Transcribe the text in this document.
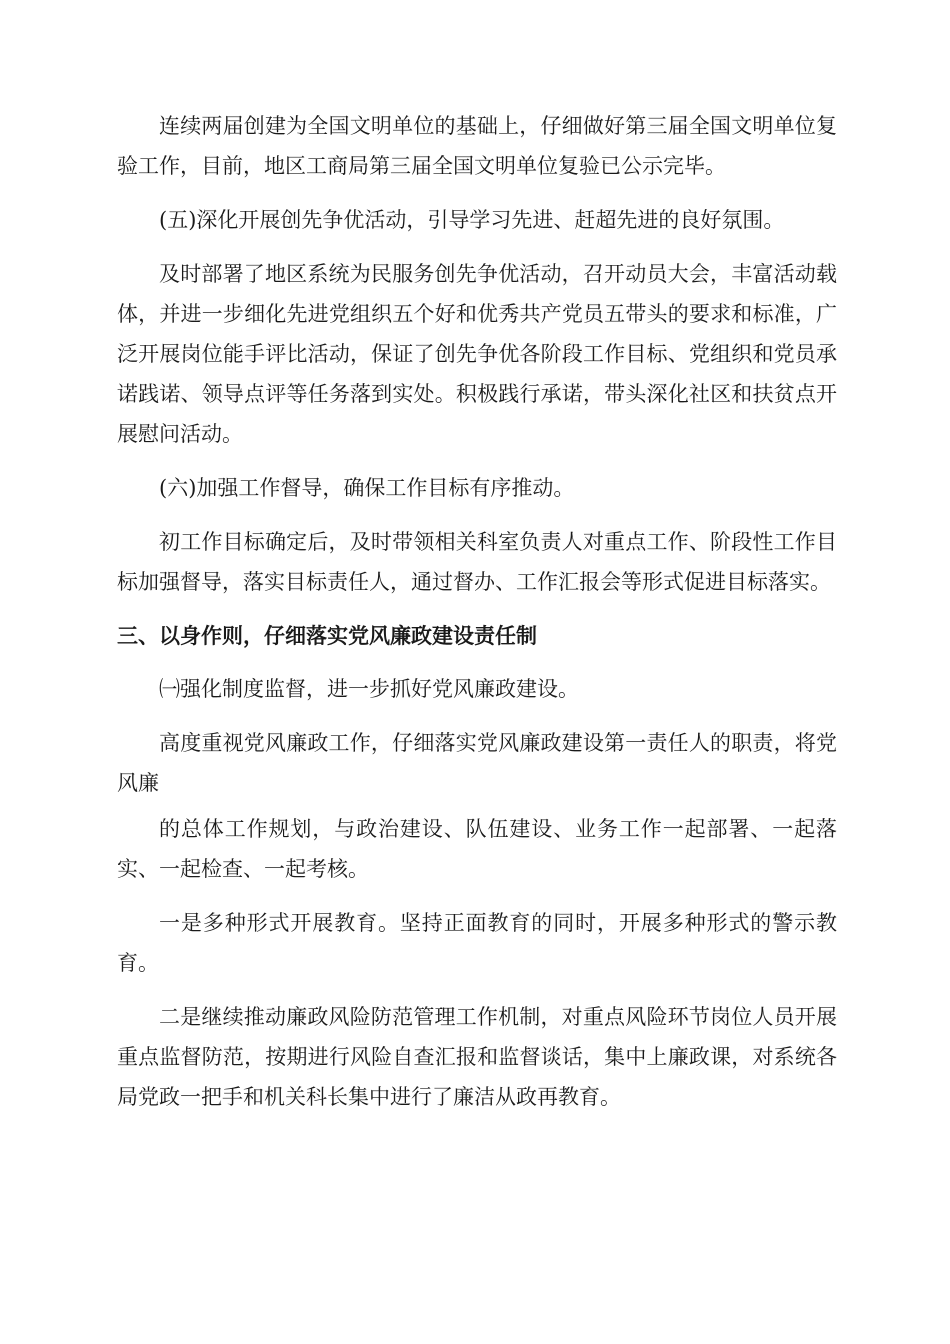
连续两届创建为全国文明单位的基础上，仔细做好第三届全国文明单位复验工作，目前，地区工商局第三届全国文明单位复验已公示完毕。

(五)深化开展创先争优活动，引导学习先进、赶超先进的良好氛围。

及时部署了地区系统为民服务创先争优活动，召开动员大会，丰富活动载体，并进一步细化先进党组织五个好和优秀共产党员五带头的要求和标准，广泛开展岗位能手评比活动，保证了创先争优各阶段工作目标、党组织和党员承诺践诺、领导点评等任务落到实处。积极践行承诺，带头深化社区和扶贫点开展慰问活动。

(六)加强工作督导，确保工作目标有序推动。

初工作目标确定后，及时带领相关科室负责人对重点工作、阶段性工作目标加强督导，落实目标责任人，通过督办、工作汇报会等形式促进目标落实。

三、以身作则，仔细落实党风廉政建设责任制

㈠强化制度监督，进一步抓好党风廉政建设。

高度重视党风廉政工作，仔细落实党风廉政建设第一责任人的职责，将党风廉

的总体工作规划，与政治建设、队伍建设、业务工作一起部署、一起落实、一起检查、一起考核。

一是多种形式开展教育。坚持正面教育的同时，开展多种形式的警示教育。

二是继续推动廉政风险防范管理工作机制，对重点风险环节岗位人员开展重点监督防范，按期进行风险自查汇报和监督谈话，集中上廉政课，对系统各局党政一把手和机关科长集中进行了廉洁从政再教育。
